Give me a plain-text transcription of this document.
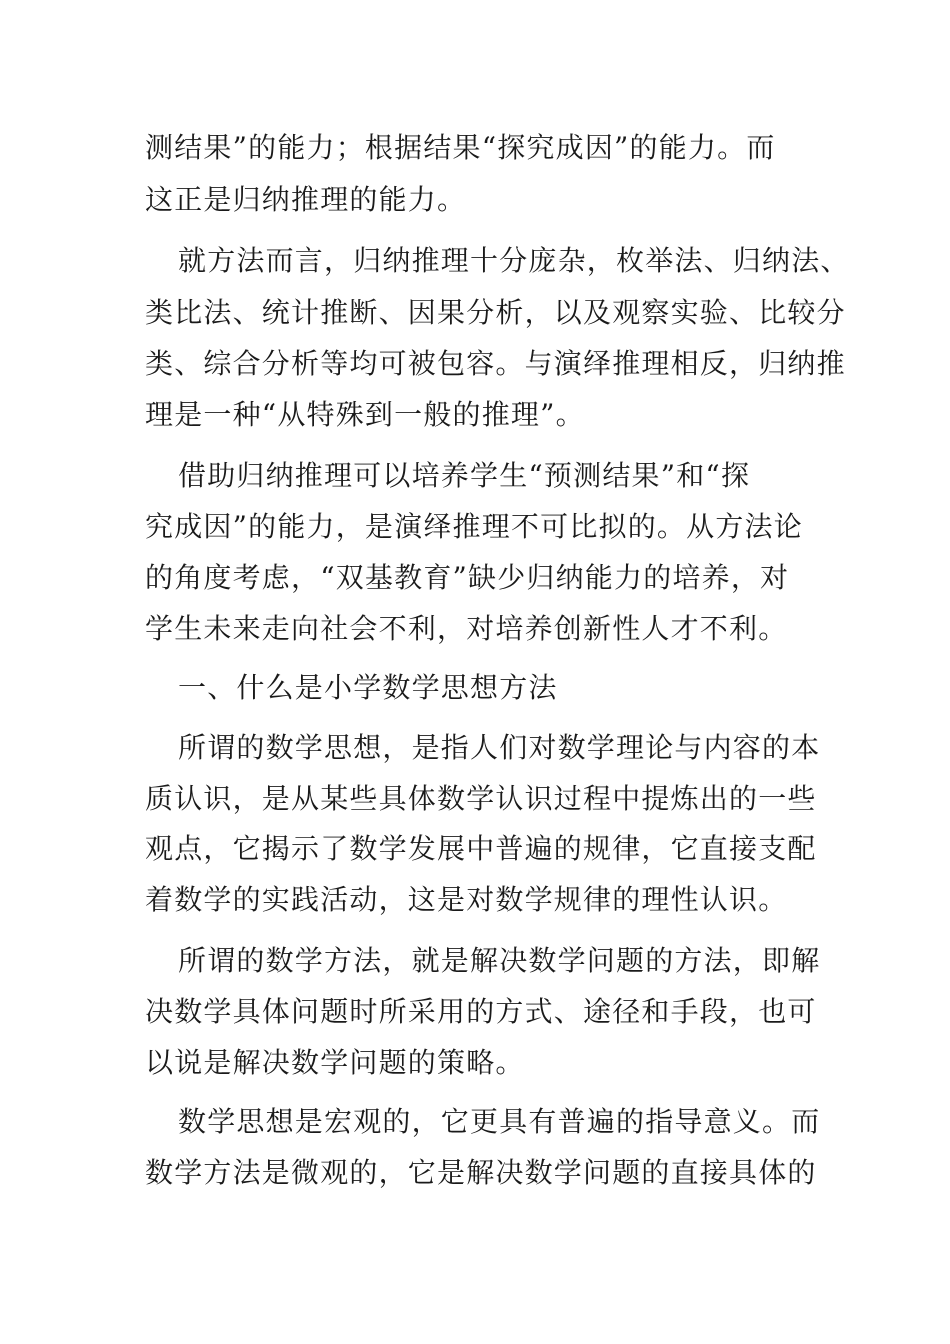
测结果”的能力；根据结果“探究成因”的能力。而
这正是归纳推理的能力。
就方法而言，归纳推理十分庞杂，枚举法、归纳法、
类比法、统计推断、因果分析，以及观察实验、比较分
类、综合分析等均可被包容。与演绎推理相反，归纳推
理是一种“从特殊到一般的推理”。
借助归纳推理可以培养学生“预测结果”和“探
究成因”的能力，是演绎推理不可比拟的。从方法论
的角度考虑，“双基教育”缺少归纳能力的培养，对
学生未来走向社会不利，对培养创新性人才不利。
一、什么是小学数学思想方法
所谓的数学思想，是指人们对数学理论与内容的本
质认识，是从某些具体数学认识过程中提炼出的一些
观点，它揭示了数学发展中普遍的规律，它直接支配
着数学的实践活动，这是对数学规律的理性认识。
所谓的数学方法，就是解决数学问题的方法，即解
决数学具体问题时所采用的方式、途径和手段，也可
以说是解决数学问题的策略。
数学思想是宏观的，它更具有普遍的指导意义。而
数学方法是微观的，它是解决数学问题的直接具体的
